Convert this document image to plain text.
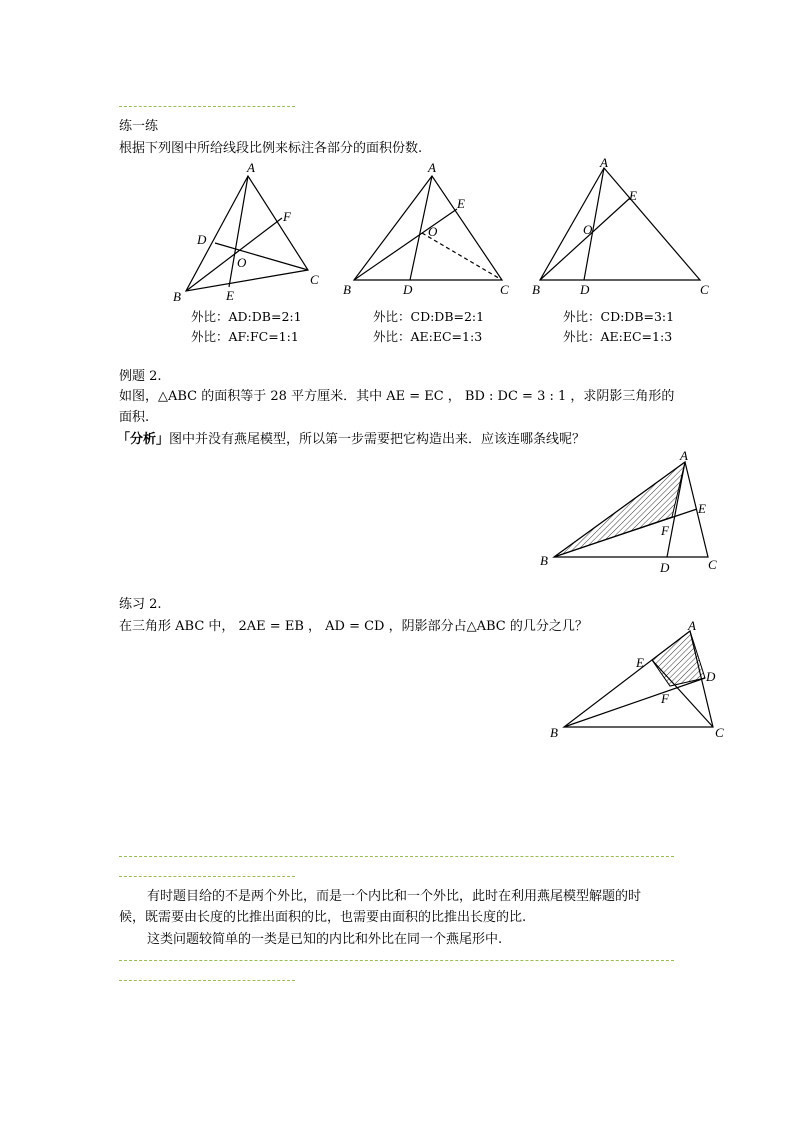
练一练
根据下列图中所给线段比例来标注各部分的面积份数.
A
B
C
D
E
F
O
外比：AD:DB=2:1
外比：AF:FC=1:1
A
B	C
D
E
O
外比：CD:DB=2:1
外比：AE:EC=1:3
A
B	C
D
E
O
外比：CD:DB=3:1
外比：AE:EC=1:3
例题 2.
如图，△ABC 的面积等于 28 平方厘米．其中 AE = EC ， BD : DC = 3 : 1 ，求阴影三角形的
面积.
「分析」图中并没有燕尾模型，所以第一步需要把它构造出来．应该连哪条线呢？
A
B	C
D
E
F
练习 2.
在三角形 ABC 中， 2AE = EB ， AD = CD ，阴影部分占△ABC 的几分之几？	A
B	C
D
E
F
有时题目给的不是两个外比，而是一个内比和一个外比，此时在利用燕尾模型解题的时
候，既需要由长度的比推出面积的比，也需要由面积的比推出长度的比.
这类问题较简单的一类是已知的内比和外比在同一个燕尾形中.
